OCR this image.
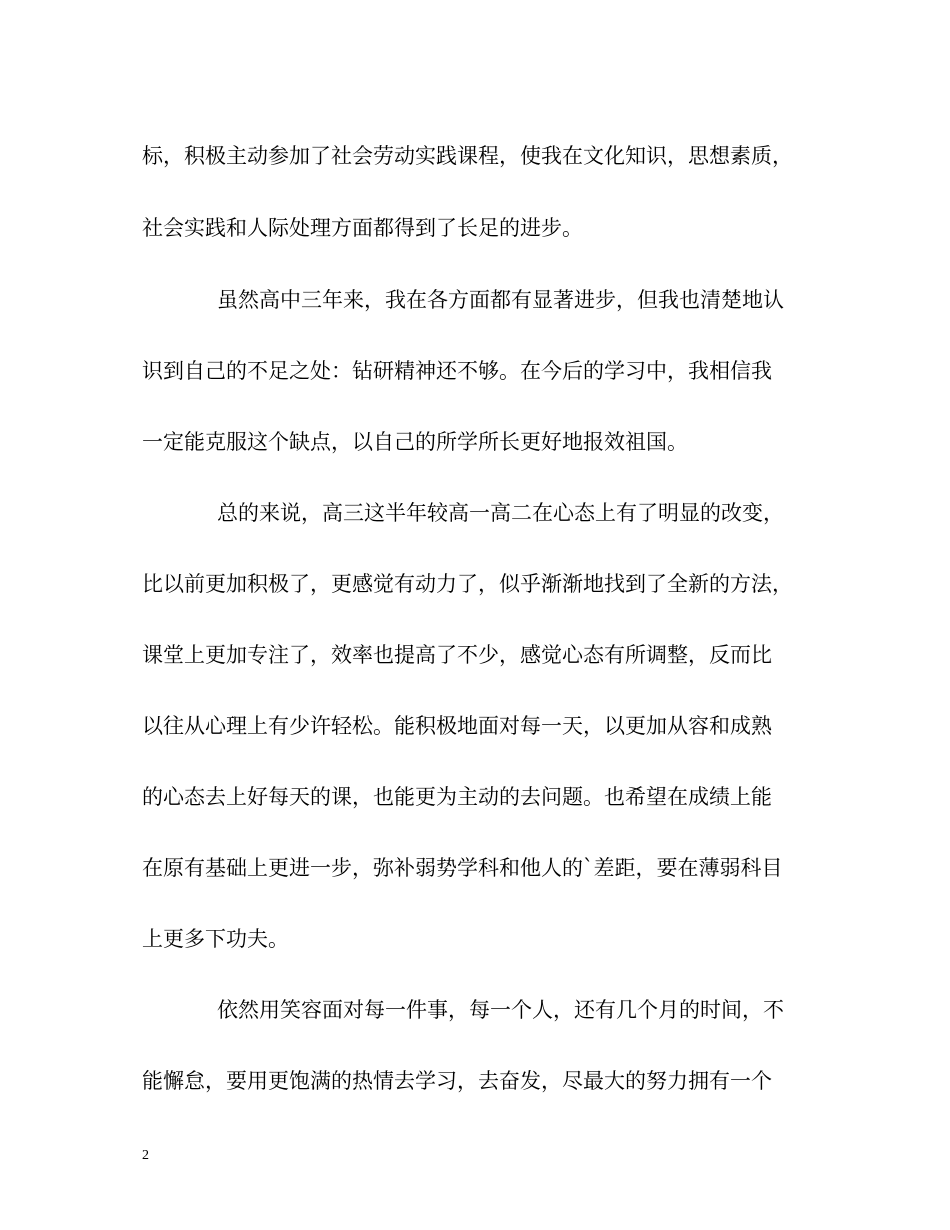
标，积极主动参加了社会劳动实践课程，使我在文化知识，思想素质，
社会实践和人际处理方面都得到了长足的进步。
虽然高中三年来，我在各方面都有显著进步，但我也清楚地认
识到自己的不足之处：钻研精神还不够。在今后的学习中，我相信我
一定能克服这个缺点，以自己的所学所长更好地报效祖国。
总的来说，高三这半年较高一高二在心态上有了明显的改变，
比以前更加积极了，更感觉有动力了，似乎渐渐地找到了全新的方法，
课堂上更加专注了，效率也提高了不少，感觉心态有所调整，反而比
以往从心理上有少许轻松。能积极地面对每一天，以更加从容和成熟
的心态去上好每天的课，也能更为主动的去问题。也希望在成绩上能
在原有基础上更进一步，弥补弱势学科和他人的`差距，要在薄弱科目
上更多下功夫。
依然用笑容面对每一件事，每一个人，还有几个月的时间，不
能懈怠，要用更饱满的热情去学习，去奋发，尽最大的努力拥有一个
2
